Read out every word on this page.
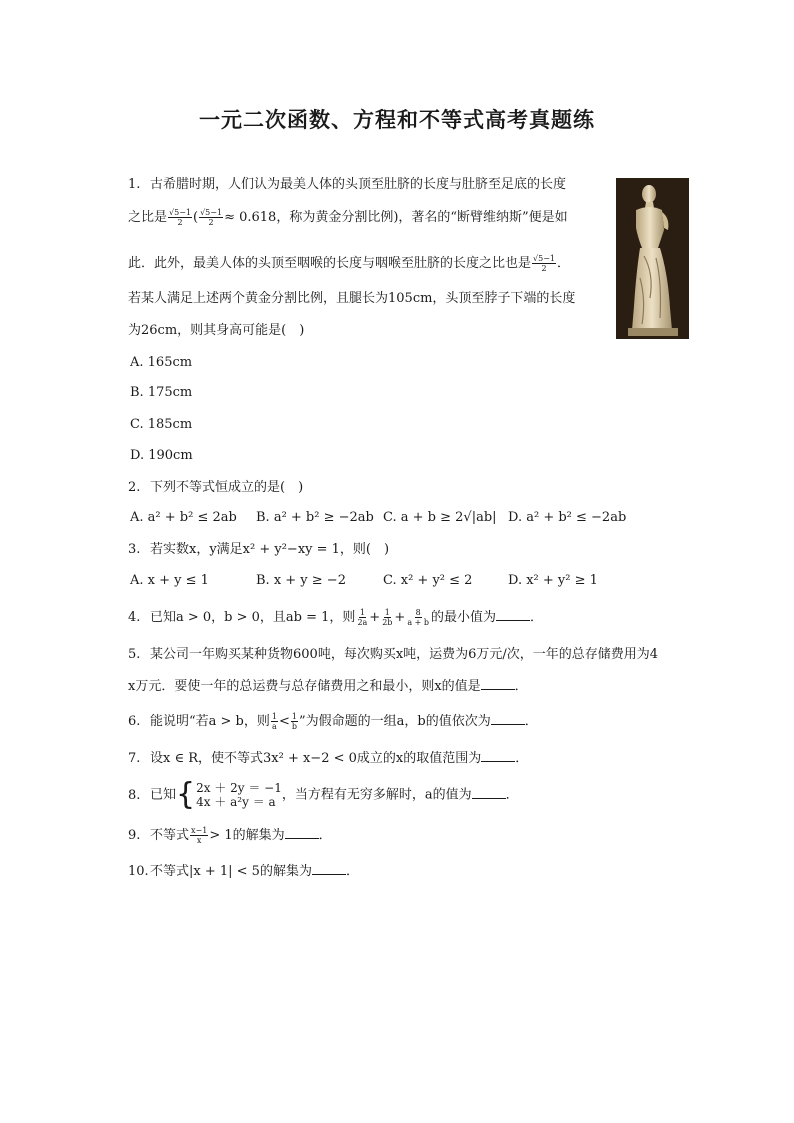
一元二次函数、方程和不等式高考真题练
1. 古希腊时期，人们认为最美人体的头顶至肚脐的长度与肚脐至足底的长度
之比是 $\frac{√5-1}{2}$ ( $\frac{√5-1}{2} \approx 0.618$，称为黄金分割比例)，著名的“断臂维纳斯”便是如
此．此外，最美人体的头顶至咽喉的长度与咽喉至肚脐的长度之比也是 $\frac{√5-1}{2}$ ．
若某人满足上述两个黄金分割比例，且腿长为105cm，头顶至脖子下端的长度
为26cm，则其身高可能是(　)
A. 165cm
B. 175cm
C. 185cm
D. 190cm
2. 下列不等式恒成立的是(　)
A. a² + b² ≤ 2ab B. a² + b² ≥ −2ab C. a + b ≥ 2√|ab| D. a² + b² ≤ −2ab
3. 若实数x，y满足x² + y²−xy = 1，则(　)
A. x + y ≤ 1	B. x + y ≥ −2	C. x² + y² ≤ 2	D. x² + y² ≥ 1
4. 已知a > 0，b > 0，且ab = 1，则 $\frac{1}{2a} + \frac{1}{2b} + \frac{8}{a + b}$ 的最小值为	．
5. 某公司一年购买某种货物600吨，每次购买x吨，运费为6万元/次，一年的总存储费用为4
x万元．要使一年的总运费与总存储费用之和最小，则x的值是	．
6. 能说明“若a > b，则 $\frac{1}{a} < \frac{1}{b}$ ”为假命题的一组a，b的值依次为	．
7. 设x ∈ R，使不等式3x² + x−2 < 0成立的x的取值范围为	．
8. 已知 { 2x ＋ 2y ＝ −1
4x ＋ a²y ＝ a ，当方程有无穷多解时，a的值为	．
9. 不等式 $\frac{x-1}{x} > 1$的解集为	．
10.不等式|x + 1| < 5的解集为	．
